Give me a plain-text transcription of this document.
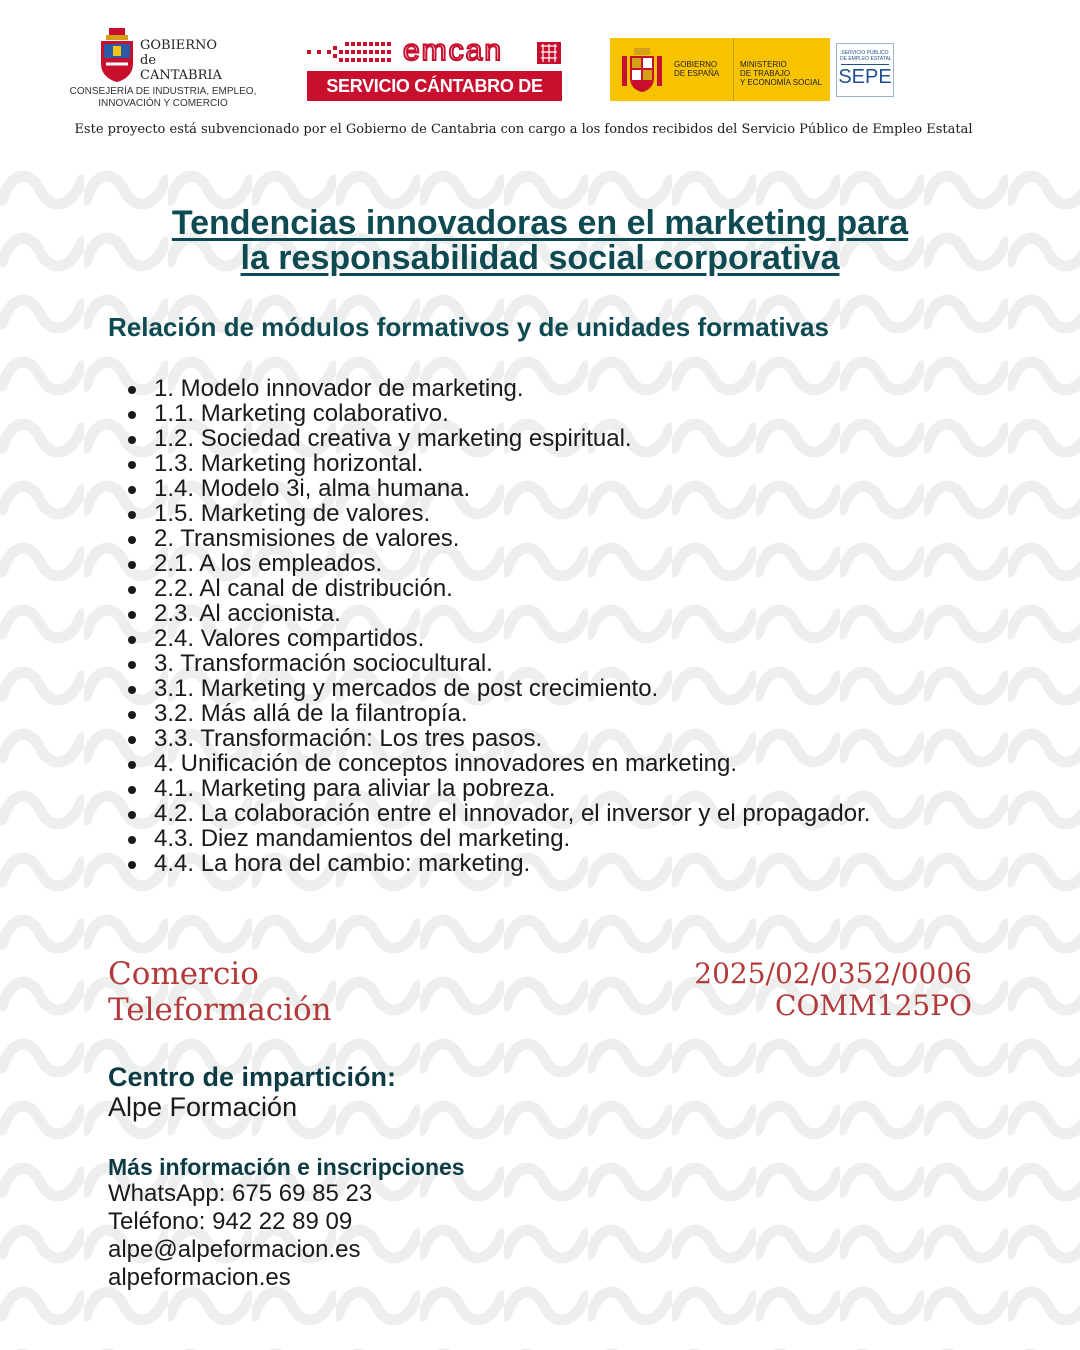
GOBIERNO
de
CANTABRIA
CONSEJERÍA DE INDUSTRIA, EMPLEO,
INNOVACIÓN Y COMERCIO
emcan
SERVICIO CÁNTABRO DE EMPLEO
GOBIERNO
DE ESPAÑA
MINISTERIO
DE TRABAJO
Y ECONOMÍA SOCIAL
SERVICIO PÚBLICO
DE EMPLEO ESTATAL
SEPE
Este proyecto está subvencionado por el Gobierno de Cantabria con cargo a los fondos recibidos del Servicio Público de Empleo Estatal
Tendencias innovadoras en el marketing para
la responsabilidad social corporativa
Relación de módulos formativos y de unidades formativas
1. Modelo innovador de marketing.
1.1. Marketing colaborativo.
1.2. Sociedad creativa y marketing espiritual.
1.3. Marketing horizontal.
1.4. Modelo 3i, alma humana.
1.5. Marketing de valores.
2. Transmisiones de valores.
2.1. A los empleados.
2.2. Al canal de distribución.
2.3. Al accionista.
2.4. Valores compartidos.
3. Transformación sociocultural.
3.1. Marketing y mercados de post crecimiento.
3.2. Más allá de la filantropía.
3.3. Transformación: Los tres pasos.
4. Unificación de conceptos innovadores en marketing.
4.1. Marketing para aliviar la pobreza.
4.2. La colaboración entre el innovador, el inversor y el propagador.
4.3. Diez mandamientos del marketing.
4.4. La hora del cambio: marketing.
Comercio
Teleformación
2025/02/0352/0006
COMM125PO
Centro de impartición:
Alpe Formación
Más información e inscripciones
WhatsApp: 675 69 85 23
Teléfono: 942 22 89 09
alpe@alpeformacion.es
alpeformacion.es
